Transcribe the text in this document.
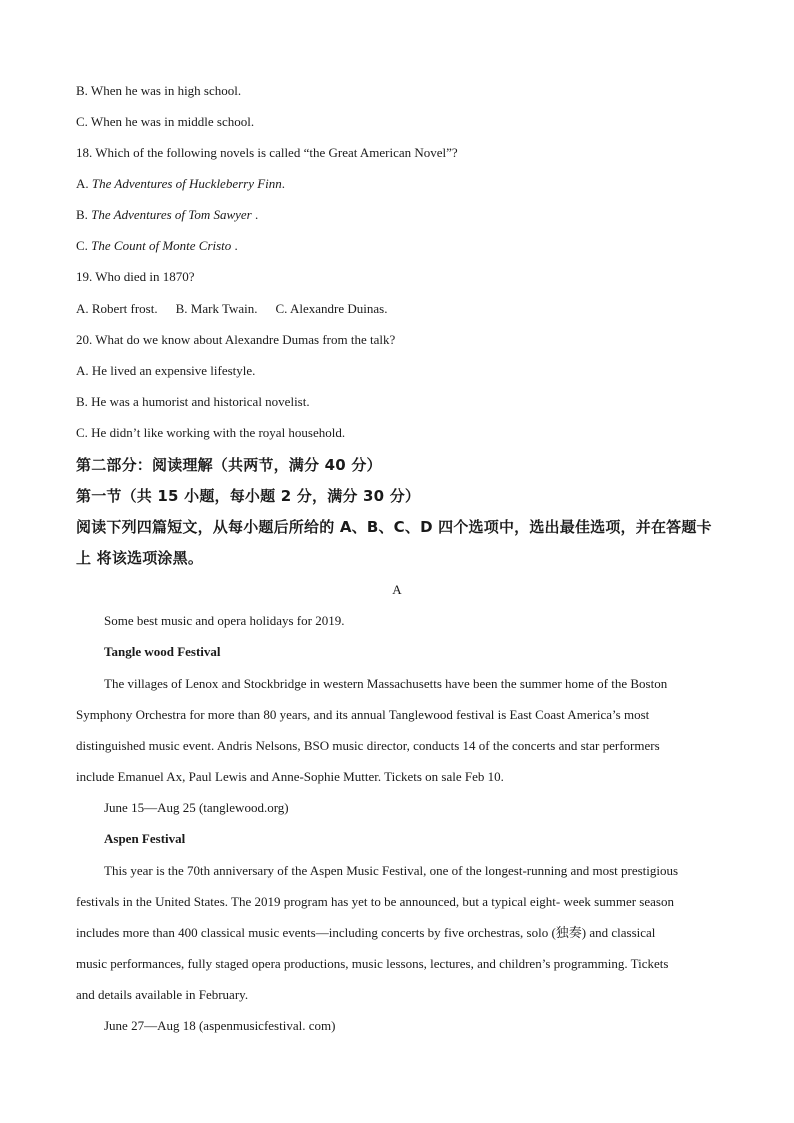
B. When he was in high school.
C. When he was in middle school.
18. Which of the following novels is called “the Great American Novel”?
A. The Adventures of Huckleberry Finn.
B. The Adventures of Tom Sawyer .
C. The Count of Monte Cristo .
19. Who died in 1870?
A. Robert frost. B. Mark Twain. C. Alexandre Duinas.
20. What do we know about Alexandre Dumas from the talk?
A. He lived an expensive lifestyle.
B. He was a humorist and historical novelist.
C. He didn’t like working with the royal household.
第二部分：阅读理解（共两节，满分 40 分）
第一节（共 15 小题，每小题 2 分，满分 30 分）
阅读下列四篇短文，从每小题后所给的 A、B、C、D 四个选项中，选出最佳选项，并在答题卡
上 将该选项涂黑。
A
Some best music and opera holidays for 2019.
Tangle wood Festival
The villages of Lenox and Stockbridge in western Massachusetts have been the summer home of the Boston
Symphony Orchestra for more than 80 years, and its annual Tanglewood festival is East Coast America’s most
distinguished music event. Andris Nelsons, BSO music director, conducts 14 of the concerts and star performers
include Emanuel Ax, Paul Lewis and Anne-Sophie Mutter. Tickets on sale Feb 10.
June 15—Aug 25 (tanglewood.org)
Aspen Festival
This year is the 70th anniversary of the Aspen Music Festival, one of the longest-running and most prestigious
festivals in the United States. The 2019 program has yet to be announced, but a typical eight- week summer season
includes more than 400 classical music events—including concerts by five orchestras, solo (独奏) and classical
music performances, fully staged opera productions, music lessons, lectures, and children’s programming. Tickets
and details available in February.
June 27—Aug 18 (aspenmusicfestival. com)
